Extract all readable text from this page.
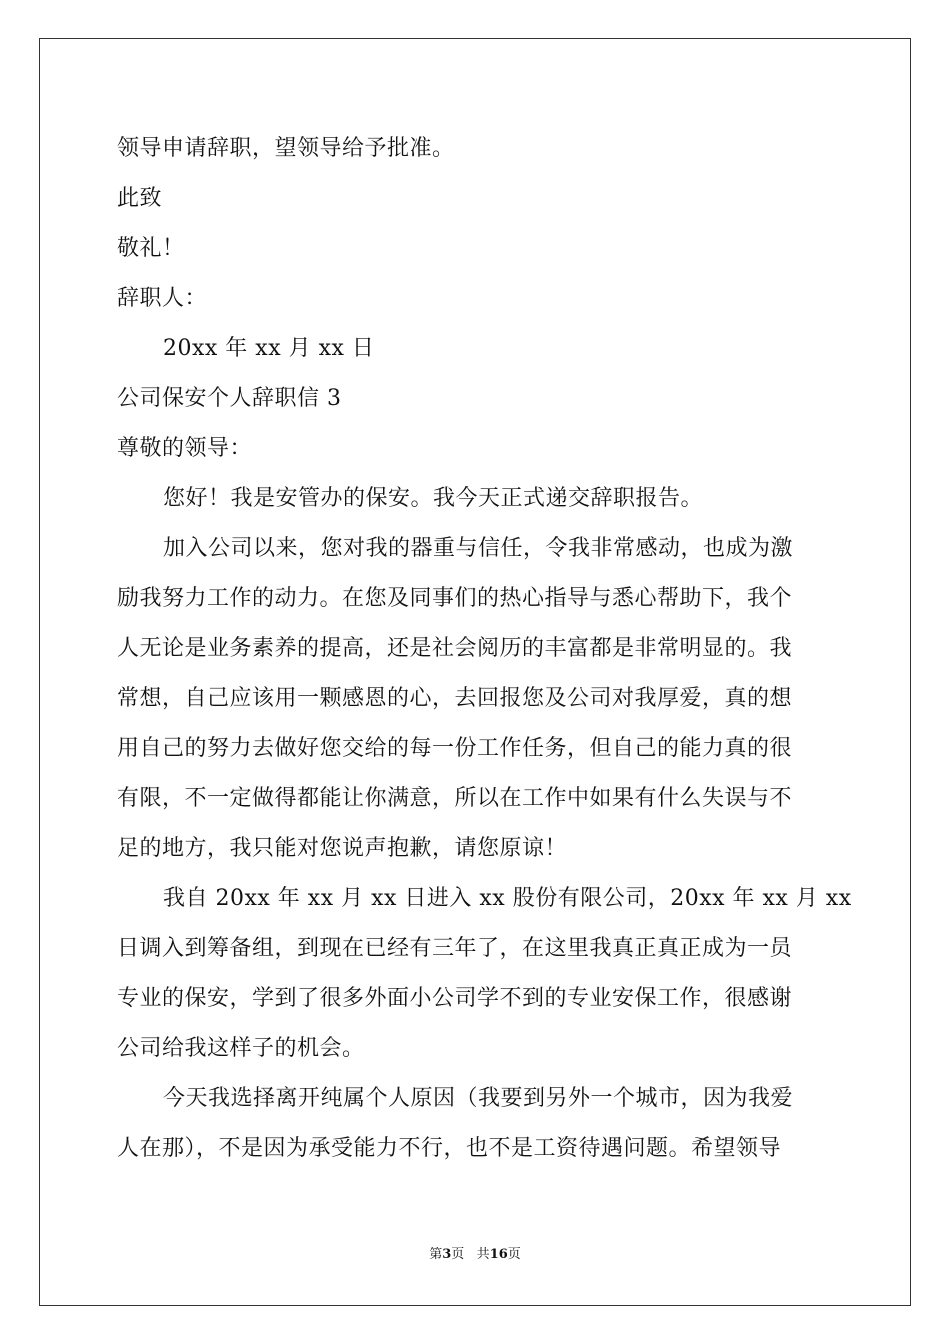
领导申请辞职，望领导给予批准。
此致
敬礼！
辞职人：
20xx 年 xx 月 xx 日
公司保安个人辞职信 3
尊敬的领导：
您好！我是安管办的保安。我今天正式递交辞职报告。
加入公司以来，您对我的器重与信任，令我非常感动，也成为激
励我努力工作的动力。在您及同事们的热心指导与悉心帮助下，我个
人无论是业务素养的提高，还是社会阅历的丰富都是非常明显的。我
常想，自己应该用一颗感恩的心，去回报您及公司对我厚爱，真的想
用自己的努力去做好您交给的每一份工作任务，但自己的能力真的很
有限，不一定做得都能让你满意，所以在工作中如果有什么失误与不
足的地方，我只能对您说声抱歉，请您原谅！
我自 20xx 年 xx 月 xx 日进入 xx 股份有限公司，20xx 年 xx 月 xx
日调入到筹备组，到现在已经有三年了，在这里我真正真正成为一员
专业的保安，学到了很多外面小公司学不到的专业安保工作，很感谢
公司给我这样子的机会。
今天我选择离开纯属个人原因（我要到另外一个城市，因为我爱
人在那），不是因为承受能力不行，也不是工资待遇问题。希望领导
第3页 共16页
